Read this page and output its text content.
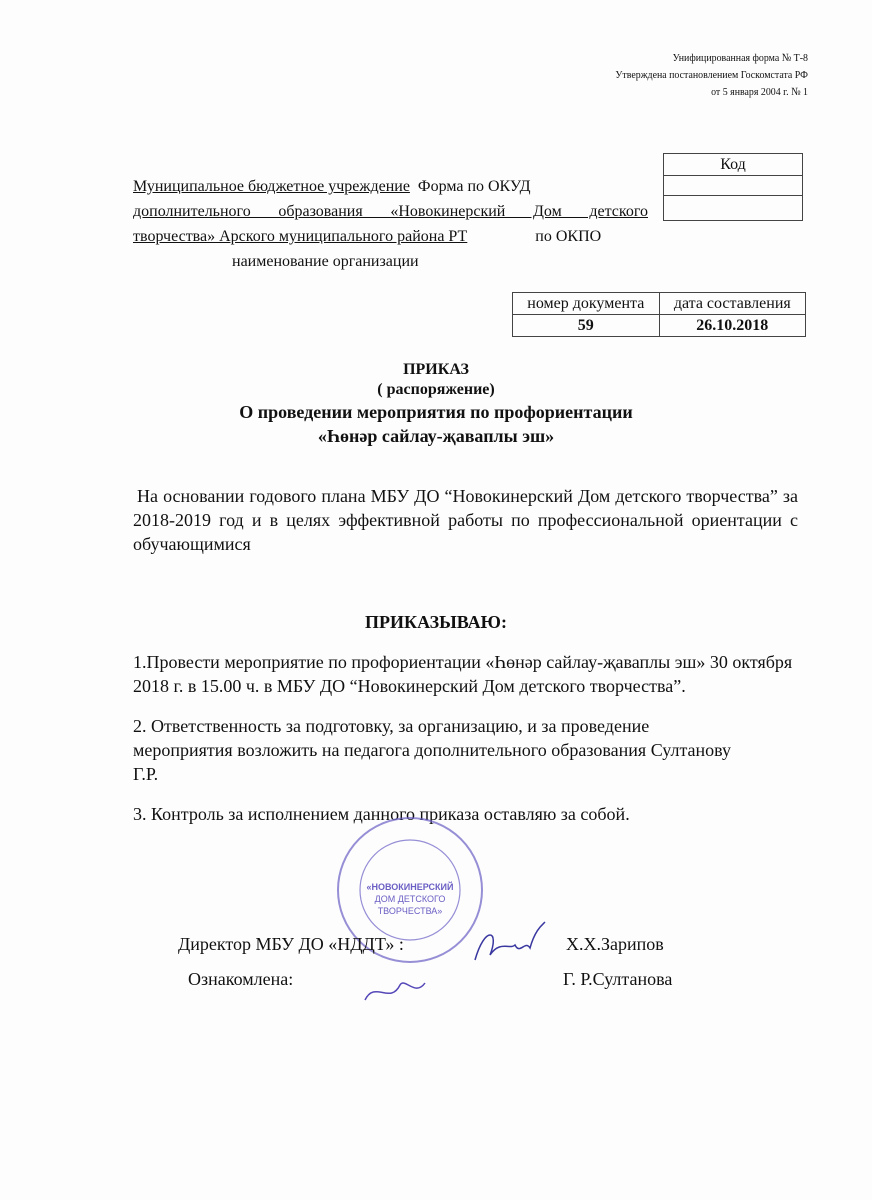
Унифицированная форма № Т-8
Утверждена постановлением Госкомстата РФ
от 5 января 2004 г. № 1
Код

Муниципальное бюджетное учреждение Форма по ОКУД
дополнительного образования «Новокинерский Дом детского
творчества» Арского муниципального района РТ	по ОКПО
наименование организации
номер документа	дата составления
59	26.10.2018
ПРИКАЗ
( распоряжение)
О проведении мероприятия по профориентации
«Һөнәр сайлау-җаваплы эш»
На основании годового плана МБУ ДО “Новокинерский Дом детского творчества” за 2018-2019 год и в целях эффективной работы по профессиональной ориентации с обучающимися
ПРИКАЗЫВАЮ:
1.Провести мероприятие по профориентации «Һөнәр сайлау-җаваплы эш» 30 октября 2018 г. в 15.00 ч. в МБУ ДО “Новокинерский Дом детского творчества”.
2. Ответственность за подготовку, за организацию, и за проведение мероприятия возложить на педагога дополнительного образования Султанову Г.Р.
3. Контроль за исполнением данного приказа оставляю за собой.
«НОВОКИНЕРСКИЙ
ДОМ ДЕТСКОГО
ТВОРЧЕСТВА»
Директор МБУ ДО «НДДТ» :	Х.Х.Зарипов
Ознакомлена:	Г. Р.Султанова
